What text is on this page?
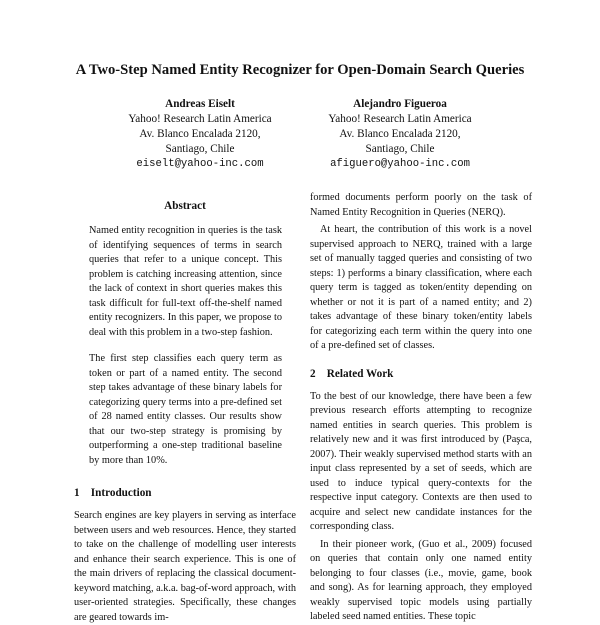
A Two-Step Named Entity Recognizer for Open-Domain Search Queries
Andreas Eiselt
Yahoo! Research Latin America
Av. Blanco Encalada 2120,
Santiago, Chile
eiselt@yahoo-inc.com
Alejandro Figueroa
Yahoo! Research Latin America
Av. Blanco Encalada 2120,
Santiago, Chile
afiguero@yahoo-inc.com
Abstract

Named entity recognition in queries is the task of identifying sequences of terms in search queries that refer to a unique concept. This problem is catching increasing attention, since the lack of context in short queries makes this task difficult for full-text off-the-shelf named entity recognizers. In this paper, we propose to deal with this problem in a two-step fashion.

The first step classifies each query term as token or part of a named entity. The second step takes advantage of these binary labels for categorizing query terms into a pre-defined set of 28 named entity classes. Our results show that our two-step strategy is promising by outperforming a one-step traditional baseline by more than 10%.

1 Introduction

Search engines are key players in serving as interface between users and web resources. Hence, they started to take on the challenge of modelling user interests and enhance their search experience. This is one of the main drivers of replacing the classical document-keyword matching, a.k.a. bag-of-word approach, with user-oriented strategies. Specifically, these changes are geared towards im-

formed documents perform poorly on the task of Named Entity Recognition in Queries (NERQ).

At heart, the contribution of this work is a novel supervised approach to NERQ, trained with a large set of manually tagged queries and consisting of two steps: 1) performs a binary classification, where each query term is tagged as token/entity depending on whether or not it is part of a named entity; and 2) takes advantage of these binary token/entity labels for categorizing each term within the query into one of a pre-defined set of classes.

2 Related Work

To the best of our knowledge, there have been a few previous research efforts attempting to recognize named entities in search queries. This problem is relatively new and it was first introduced by (Paşca, 2007). Their weakly supervised method starts with an input class represented by a set of seeds, which are used to induce typical query-contexts for the respective input category. Contexts are then used to acquire and select new candidate instances for the corresponding class.

In their pioneer work, (Guo et al., 2009) focused on queries that contain only one named entity belonging to four classes (i.e., movie, game, book and song). As for learning approach, they employed weakly supervised topic models using partially labeled seed named entities. These topic
